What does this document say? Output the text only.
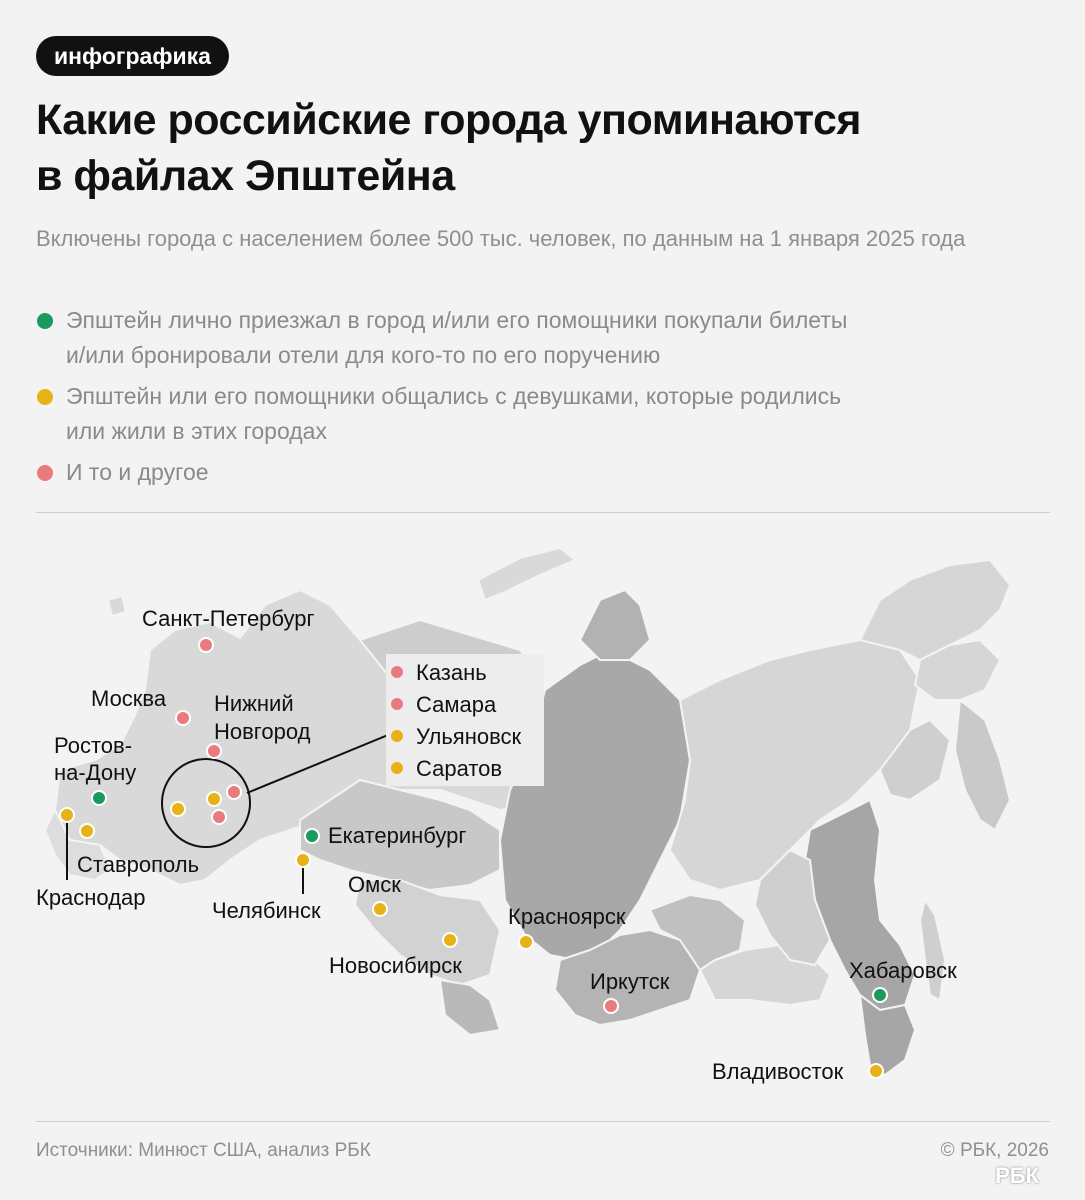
инфографика
Какие российские города упоминаются
в файлах Эпштейна
Включены города с населением более 500 тыс. человек, по данным на 1 января 2025 года
Эпштейн лично приезжал в город и/или его помощники покупали билеты
и/или бронировали отели для кого-то по его поручению
Эпштейн или его помощники общались с девушками, которые родились
или жили в этих городах
И то и другое
Казань
Самара
Ульяновск
Саратов
Санкт-Петербург
Москва Нижний
Новгород
Ростов-
на-Дону
Ставрополь
Краснодар
Екатеринбург
Челябинск
Омск
Новосибирск
Красноярск
Иркутск	Хабаровск
Владивосток
Источники: Минюст США, анализ РБК	© РБК, 2026
РБК
